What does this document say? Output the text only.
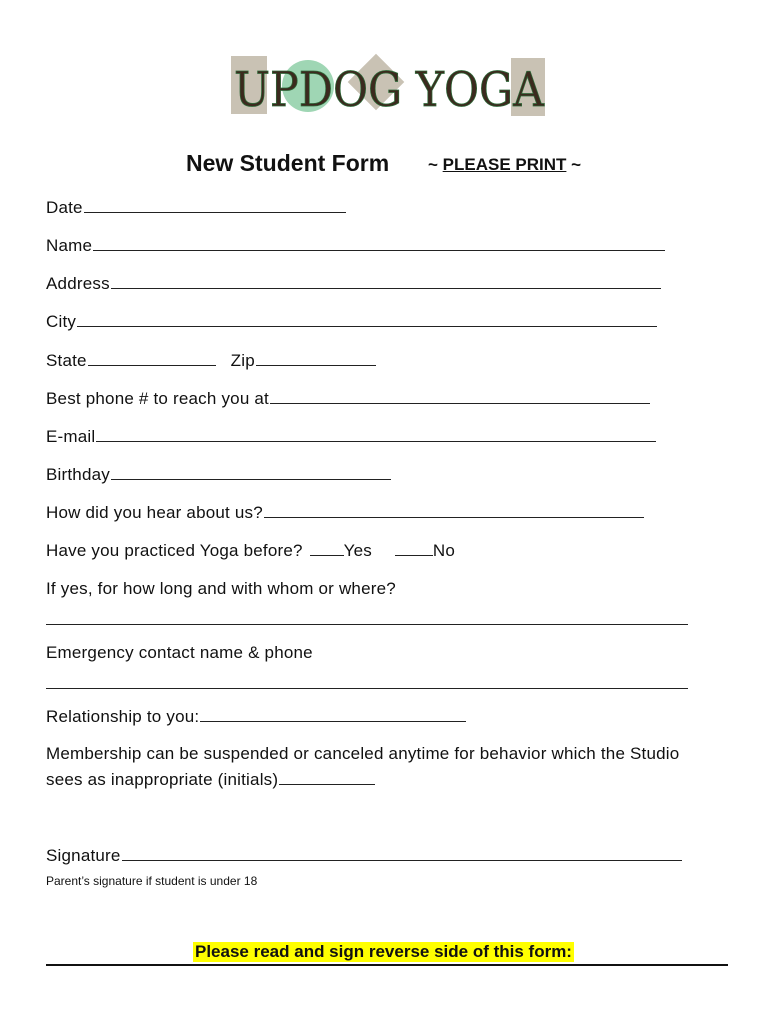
UPDOG YOGA
New Student Form ~ PLEASE PRINT ~
Date
Name
Address
City
State	Zip
Best phone # to reach you at
E-mail
Birthday
How did you hear about us?
Have you practiced Yoga before? Yes	No
If yes, for how long and with whom or where?
Emergency contact name & phone
Relationship to you:
Membership can be suspended or canceled anytime for behavior which the Studio
sees as inappropriate (initials)
Signature
Parent’s signature if student is under 18
Please read and sign reverse side of this form:
